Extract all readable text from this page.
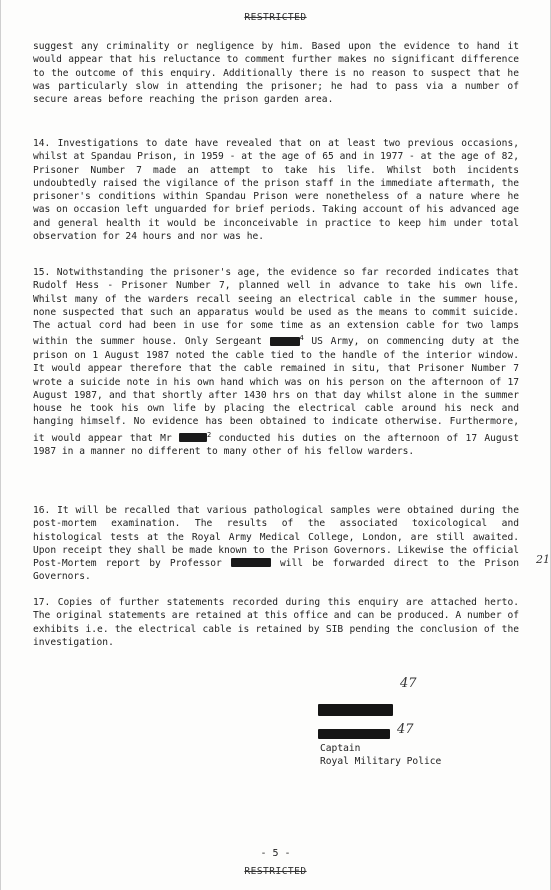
RESTRICTED

suggest any criminality or negligence by him. Based upon the evidence to hand it would appear that his reluctance to comment further makes no significant difference to the outcome of this enquiry. Additionally there is no reason to suspect that he was particularly slow in attending the prisoner; he had to pass via a number of secure areas before reaching the prison garden area.

14. Investigations to date have revealed that on at least two previous occasions, whilst at Spandau Prison, in 1959 - at the age of 65 and in 1977 - at the age of 82, Prisoner Number 7 made an attempt to take his life. Whilst both incidents undoubtedly raised the vigilance of the prison staff in the immediate aftermath, the prisoner's conditions within Spandau Prison were nonetheless of a nature where he was on occasion left unguarded for brief periods. Taking account of his advanced age and general health it would be inconceivable in practice to keep him under total observation for 24 hours and nor was he.

15. Notwithstanding the prisoner's age, the evidence so far recorded indicates that Rudolf Hess - Prisoner Number 7, planned well in advance to take his own life. Whilst many of the warders recall seeing an electrical cable in the summer house, none suspected that such an apparatus would be used as the means to commit suicide. The actual cord had been in use for some time as an extension cable for two lamps within the summer house. Only Sergeant	$^4$ US Army, on commencing duty at the prison on 1 August 1987 noted the cable tied to the handle of the interior window. It would appear therefore that the cable remained in situ, that Prisoner Number 7 wrote a suicide note in his own hand which was on his person on the afternoon of 17 August 1987, and that shortly after 1430 hrs on that day whilst alone in the summer house he took his own life by placing the electrical cable around his neck and hanging himself. No evidence has been obtained to indicate otherwise. Furthermore, it would appear that Mr	$^2$ conducted his duties on the afternoon of 17 August 1987 in a manner no different to many other of his fellow warders.

16. It will be recalled that various pathological samples were obtained during the post-mortem examination. The results of the associated toxicological and histological tests at the Royal Army Medical College, London, are still awaited. Upon receipt they shall be made known to the Prison Governors. Likewise the official Post-Mortem report by Professor	will be forwarded direct to the Prison Governors.

21

17. Copies of further statements recorded during this enquiry are attached herto. The original statements are retained at this office and can be produced. A number of exhibits i.e. the electrical cable is retained by SIB pending the conclusion of the investigation.

47
47
Captain
Royal Military Police
- 5 -
RESTRICTED
